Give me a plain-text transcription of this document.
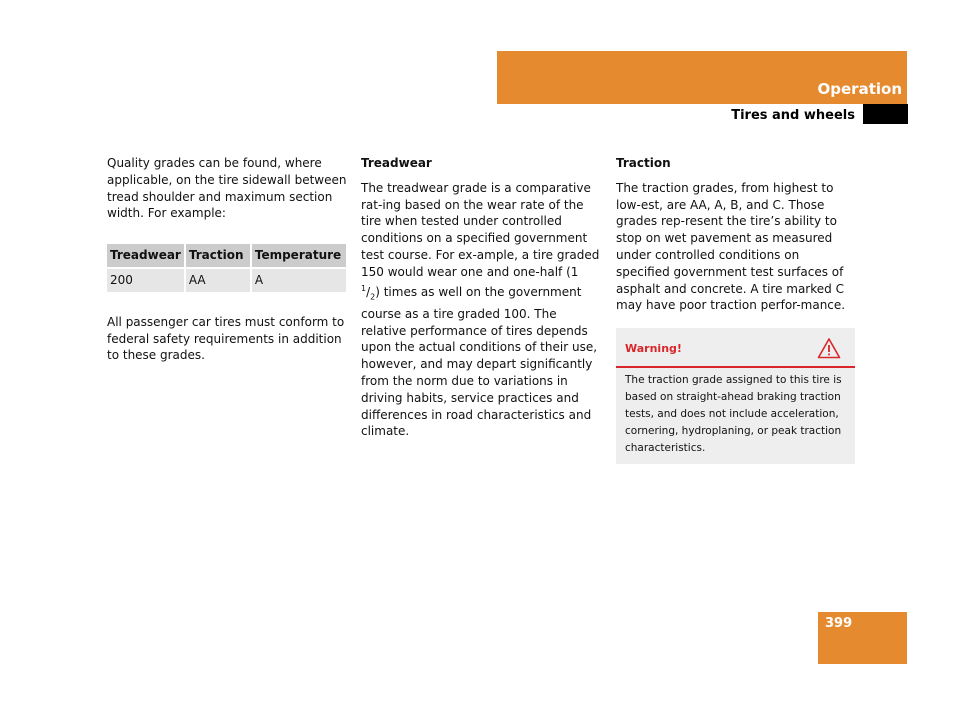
Operation
Tires and wheels

Quality grades can be found, where applicable, on the tire sidewall between tread shoulder and maximum section width. For example:

Treadwear	Traction	Temperature
200	AA	A

All passenger car tires must conform to federal safety requirements in addition to these grades.

Treadwear

The treadwear grade is a comparative rat-ing based on the wear rate of the tire when tested under controlled conditions on a specified government test course. For ex-ample, a tire graded 150 would wear one and one-half (1 $^1/_2$) times as well on the government course as a tire graded 100. The relative performance of tires depends upon the actual conditions of their use, however, and may depart significantly from the norm due to variations in driving habits, service practices and differences in road characteristics and climate.

Traction

The traction grades, from highest to low-est, are AA, A, B, and C. Those grades rep-resent the tire’s ability to stop on wet pavement as measured under controlled conditions on specified government test surfaces of asphalt and concrete. A tire marked C may have poor traction perfor-mance.

Warning!
The traction grade assigned to this tire is based on straight-ahead braking traction tests, and does not include acceleration, cornering, hydroplaning, or peak traction characteristics.
399
